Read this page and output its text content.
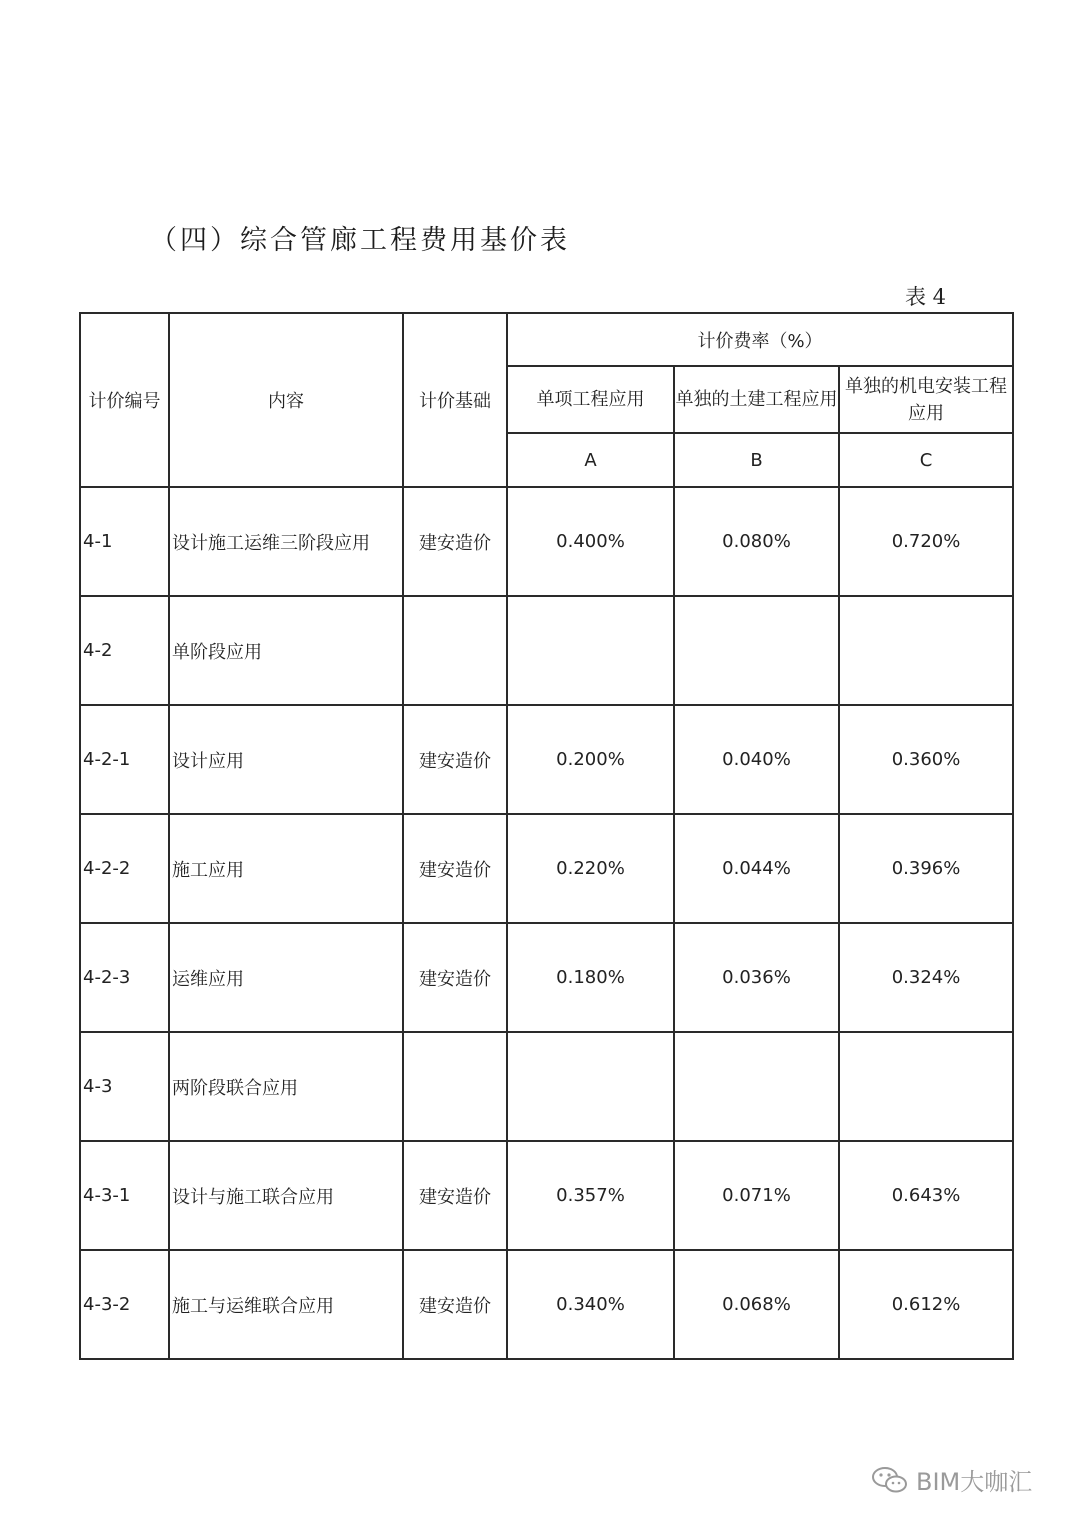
（四）综合管廊工程费用基价表
表 4
计价编号	内容	计价基础	计价费率（%）		
			单项工程应用	单独的土建工程应用	单独的机电安装工程应用
			A	B	C
4-1	设计施工运维三阶段应用	建安造价	0.400%	0.080%	0.720%
4-2	单阶段应用				
4-2-1	设计应用	建安造价	0.200%	0.040%	0.360%
4-2-2	施工应用	建安造价	0.220%	0.044%	0.396%
4-2-3	运维应用	建安造价	0.180%	0.036%	0.324%
4-3	两阶段联合应用				
4-3-1	设计与施工联合应用	建安造价	0.357%	0.071%	0.643%
4-3-2	施工与运维联合应用	建安造价	0.340%	0.068%	0.612%
BIM大咖汇
